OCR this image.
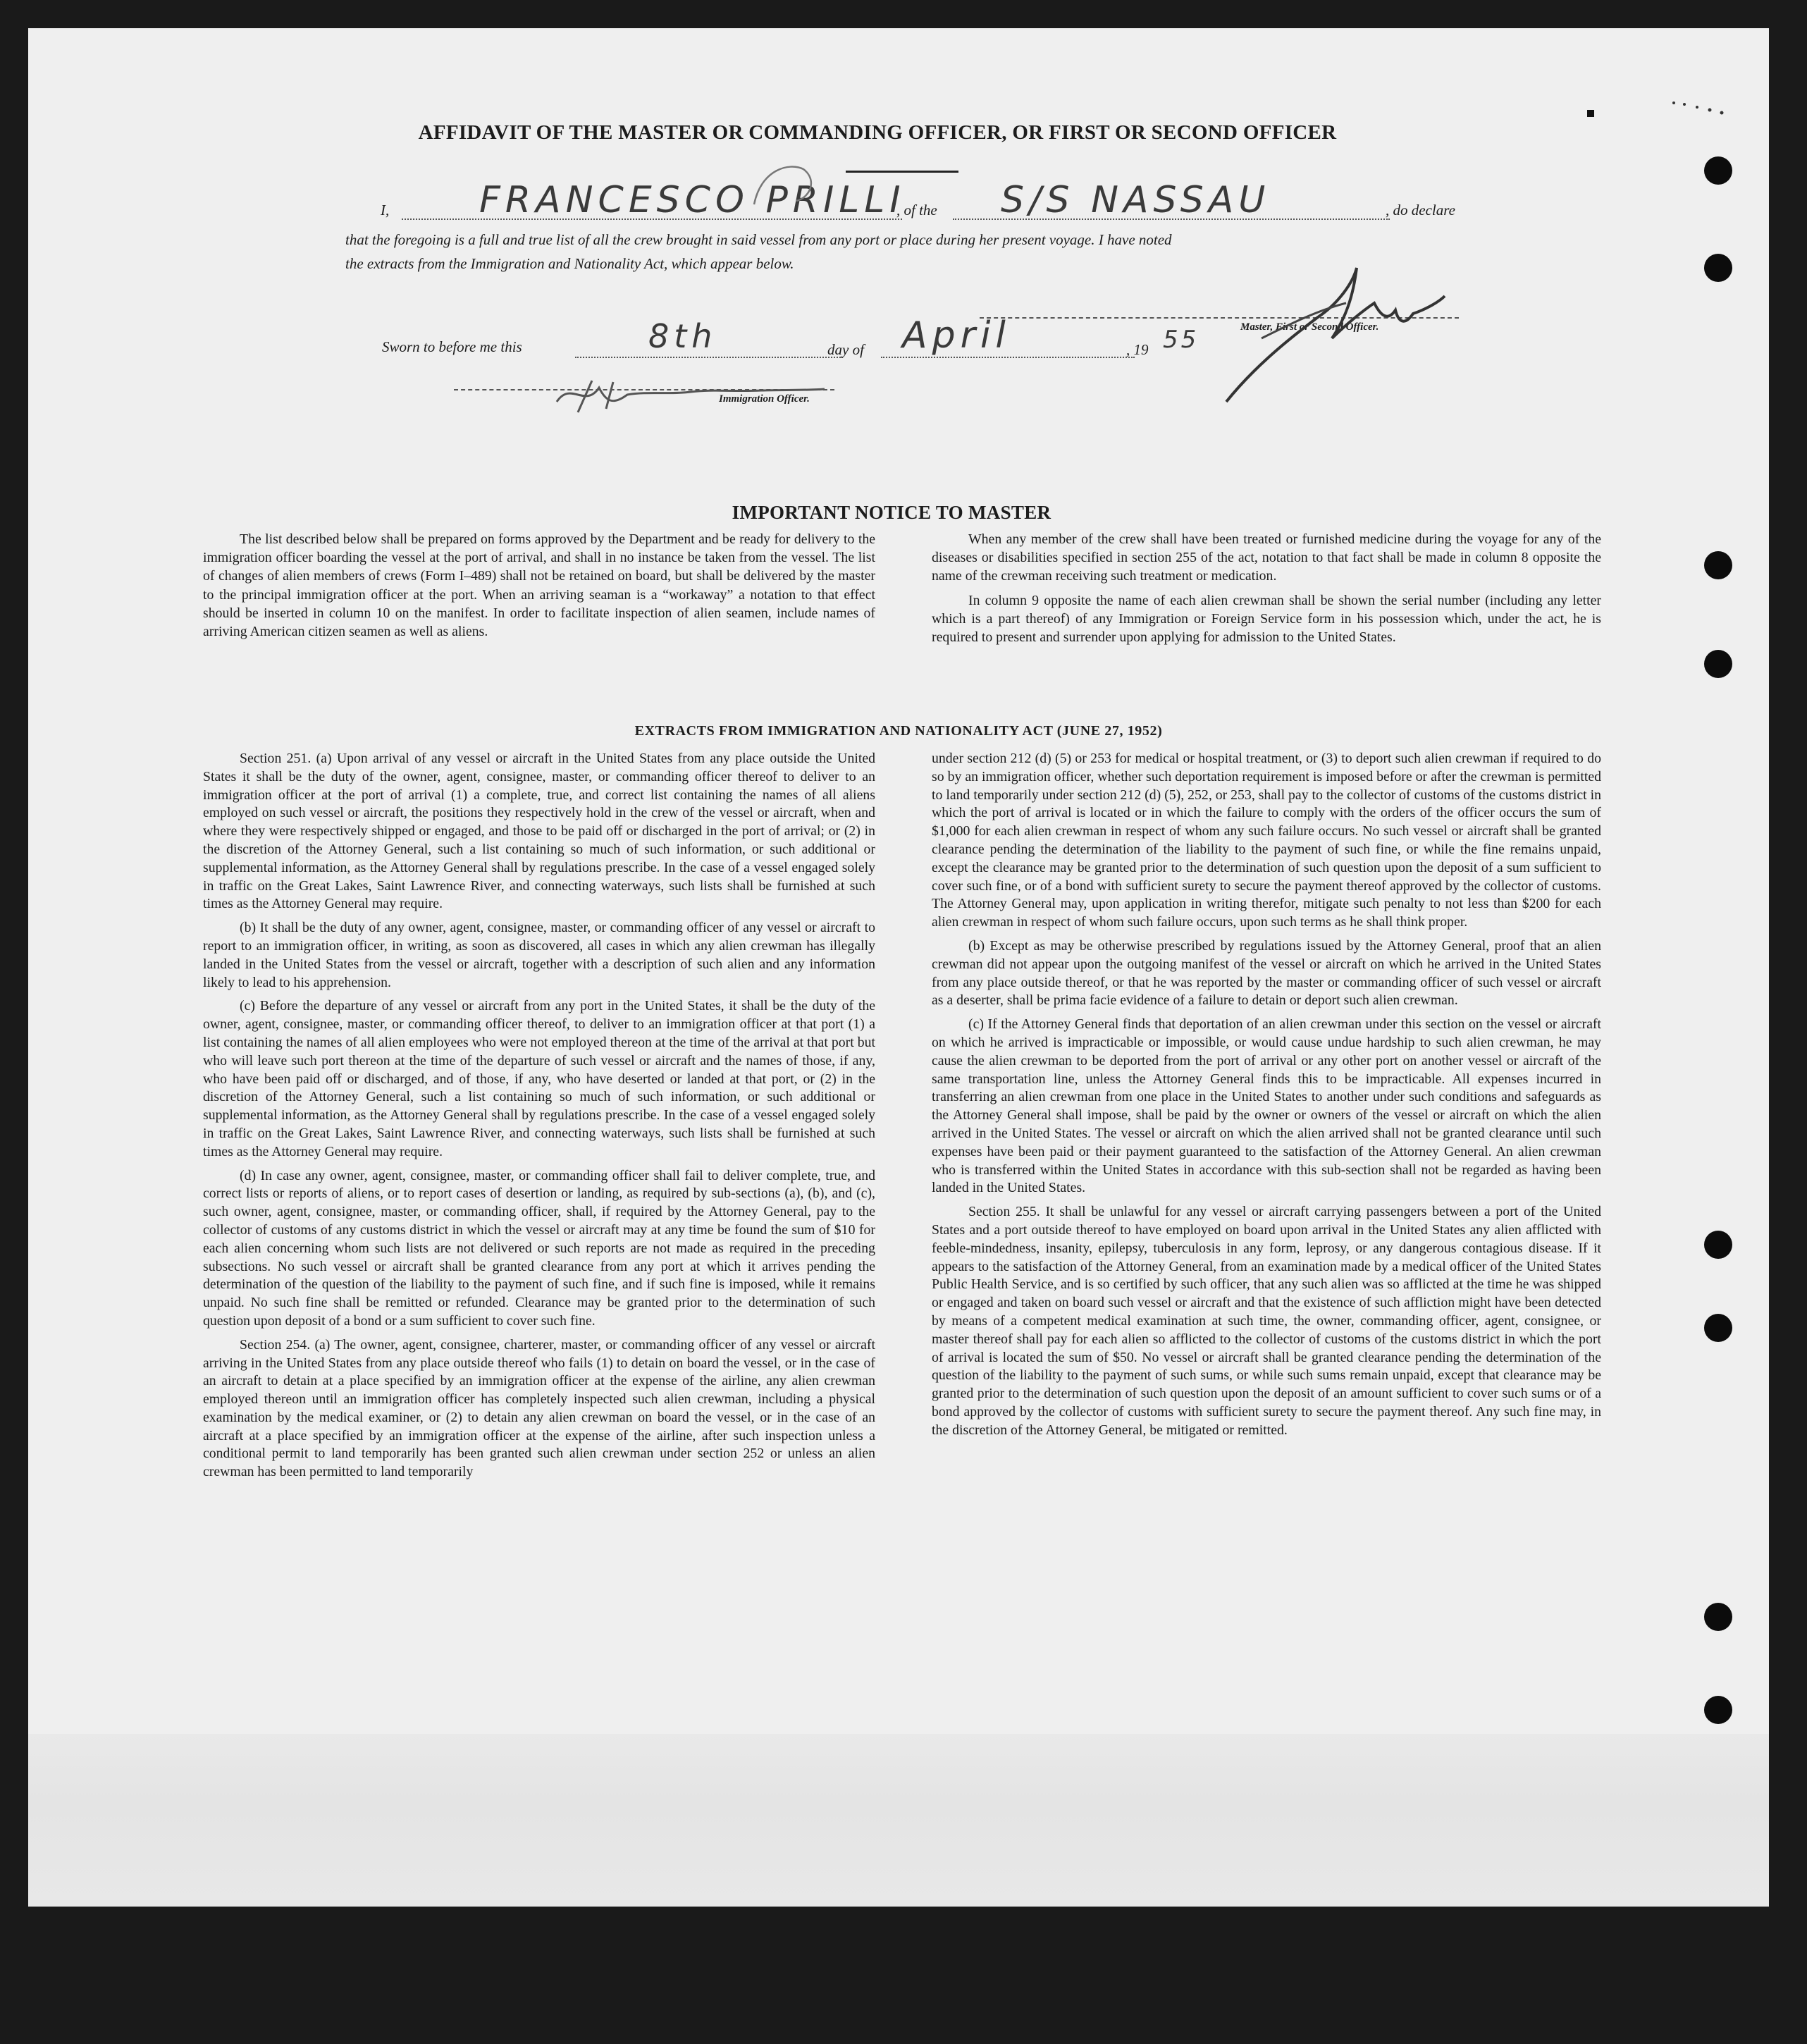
AFFIDAVIT OF THE MASTER OR COMMANDING OFFICER, OR FIRST OR SECOND OFFICER
I, FRANCESCO PRILLI
, of the S/S NASSAU	, do declare
that the foregoing is a full and true list of all the crew brought in said vessel from any port or place during her present voyage. I have noted
the extracts from the Immigration and Nationality Act, which appear below.
Master, First or Second Officer.
Sworn to before me this	8th	day of April	, 19 55
Immigration Officer.
IMPORTANT NOTICE TO MASTER

The list described below shall be prepared on forms approved by the Department and be ready for delivery to the immigration officer boarding the vessel at the port of arrival, and shall in no instance be taken from the vessel. The list of changes of alien members of crews (Form I–489) shall not be retained on board, but shall be delivered by the master to the principal immigration officer at the port. When an arriving seaman is a “workaway” a notation to that effect should be inserted in column 10 on the manifest. In order to facilitate inspection of alien seamen, include names of arriving American citizen seamen as well as aliens.

When any member of the crew shall have been treated or furnished medicine during the voyage for any of the diseases or disabilities specified in section 255 of the act, notation to that fact shall be made in column 8 opposite the name of the crewman receiving such treatment or medication.

In column 9 opposite the name of each alien crewman shall be shown the serial number (including any letter which is a part thereof) of any Immigration or Foreign Service form in his possession which, under the act, he is required to present and surrender upon applying for admission to the United States.

EXTRACTS FROM IMMIGRATION AND NATIONALITY ACT (JUNE 27, 1952)

Section 251. (a) Upon arrival of any vessel or aircraft in the United States from any place outside the United States it shall be the duty of the owner, agent, consignee, master, or commanding officer thereof to deliver to an immigration officer at the port of arrival (1) a complete, true, and correct list containing the names of all aliens employed on such vessel or aircraft, the positions they respectively hold in the crew of the vessel or aircraft, when and where they were respectively shipped or engaged, and those to be paid off or discharged in the port of arrival; or (2) in the discretion of the Attorney General, such a list containing so much of such information, or such additional or supplemental information, as the Attorney General shall by regulations prescribe. In the case of a vessel engaged solely in traffic on the Great Lakes, Saint Lawrence River, and connecting waterways, such lists shall be furnished at such times as the Attorney General may require.

(b) It shall be the duty of any owner, agent, consignee, master, or commanding officer of any vessel or aircraft to report to an immigration officer, in writing, as soon as discovered, all cases in which any alien crewman has illegally landed in the United States from the vessel or aircraft, together with a description of such alien and any information likely to lead to his apprehension.

(c) Before the departure of any vessel or aircraft from any port in the United States, it shall be the duty of the owner, agent, consignee, master, or commanding officer thereof, to deliver to an immigration officer at that port (1) a list containing the names of all alien employees who were not employed thereon at the time of the arrival at that port but who will leave such port thereon at the time of the departure of such vessel or aircraft and the names of those, if any, who have been paid off or discharged, and of those, if any, who have deserted or landed at that port, or (2) in the discretion of the Attorney General, such a list containing so much of such information, or such additional or supplemental information, as the Attorney General shall by regulations prescribe. In the case of a vessel engaged solely in traffic on the Great Lakes, Saint Lawrence River, and connecting waterways, such lists shall be furnished at such times as the Attorney General may require.

(d) In case any owner, agent, consignee, master, or commanding officer shall fail to deliver complete, true, and correct lists or reports of aliens, or to report cases of desertion or landing, as required by sub-sections (a), (b), and (c), such owner, agent, consignee, master, or commanding officer, shall, if required by the Attorney General, pay to the collector of customs of any customs district in which the vessel or aircraft may at any time be found the sum of $10 for each alien concerning whom such lists are not delivered or such reports are not made as required in the preceding subsections. No such vessel or aircraft shall be granted clearance from any port at which it arrives pending the determination of the question of the liability to the payment of such fine, and if such fine is imposed, while it remains unpaid. No such fine shall be remitted or refunded. Clearance may be granted prior to the determination of such question upon deposit of a bond or a sum sufficient to cover such fine.

Section 254. (a) The owner, agent, consignee, charterer, master, or commanding officer of any vessel or aircraft arriving in the United States from any place outside thereof who fails (1) to detain on board the vessel, or in the case of an aircraft to detain at a place specified by an immigration officer at the expense of the airline, any alien crewman employed thereon until an immigration officer has completely inspected such alien crewman, including a physical examination by the medical examiner, or (2) to detain any alien crewman on board the vessel, or in the case of an aircraft at a place specified by an immigration officer at the expense of the airline, after such inspection unless a conditional permit to land temporarily has been granted such alien crewman under section 252 or unless an alien crewman has been permitted to land temporarily

under section 212 (d) (5) or 253 for medical or hospital treatment, or (3) to deport such alien crewman if required to do so by an immigration officer, whether such deportation requirement is imposed before or after the crewman is permitted to land temporarily under section 212 (d) (5), 252, or 253, shall pay to the collector of customs of the customs district in which the port of arrival is located or in which the failure to comply with the orders of the officer occurs the sum of $1,000 for each alien crewman in respect of whom any such failure occurs. No such vessel or aircraft shall be granted clearance pending the determination of the liability to the payment of such fine, or while the fine remains unpaid, except the clearance may be granted prior to the determination of such question upon the deposit of a sum sufficient to cover such fine, or of a bond with sufficient surety to secure the payment thereof approved by the collector of customs. The Attorney General may, upon application in writing therefor, mitigate such penalty to not less than $200 for each alien crewman in respect of whom such failure occurs, upon such terms as he shall think proper.

(b) Except as may be otherwise prescribed by regulations issued by the Attorney General, proof that an alien crewman did not appear upon the outgoing manifest of the vessel or aircraft on which he arrived in the United States from any place outside thereof, or that he was reported by the master or commanding officer of such vessel or aircraft as a deserter, shall be prima facie evidence of a failure to detain or deport such alien crewman.

(c) If the Attorney General finds that deportation of an alien crewman under this section on the vessel or aircraft on which he arrived is impracticable or impossible, or would cause undue hardship to such alien crewman, he may cause the alien crewman to be deported from the port of arrival or any other port on another vessel or aircraft of the same transportation line, unless the Attorney General finds this to be impracticable. All expenses incurred in transferring an alien crewman from one place in the United States to another under such conditions and safeguards as the Attorney General shall impose, shall be paid by the owner or owners of the vessel or aircraft on which the alien arrived in the United States. The vessel or aircraft on which the alien arrived shall not be granted clearance until such expenses have been paid or their payment guaranteed to the satisfaction of the Attorney General. An alien crewman who is transferred within the United States in accordance with this sub-section shall not be regarded as having been landed in the United States.

Section 255. It shall be unlawful for any vessel or aircraft carrying passengers between a port of the United States and a port outside thereof to have employed on board upon arrival in the United States any alien afflicted with feeble-mindedness, insanity, epilepsy, tuberculosis in any form, leprosy, or any dangerous contagious disease. If it appears to the satisfaction of the Attorney General, from an examination made by a medical officer of the United States Public Health Service, and is so certified by such officer, that any such alien was so afflicted at the time he was shipped or engaged and taken on board such vessel or aircraft and that the existence of such affliction might have been detected by means of a competent medical examination at such time, the owner, commanding officer, agent, consignee, or master thereof shall pay for each alien so afflicted to the collector of customs of the customs district in which the port of arrival is located the sum of $50. No vessel or aircraft shall be granted clearance pending the determination of the question of the liability to the payment of such sums, or while such sums remain unpaid, except that clearance may be granted prior to the determination of such question upon the deposit of an amount sufficient to cover such sums or of a bond approved by the collector of customs with sufficient surety to secure the payment thereof. Any such fine may, in the discretion of the Attorney General, be mitigated or remitted.
